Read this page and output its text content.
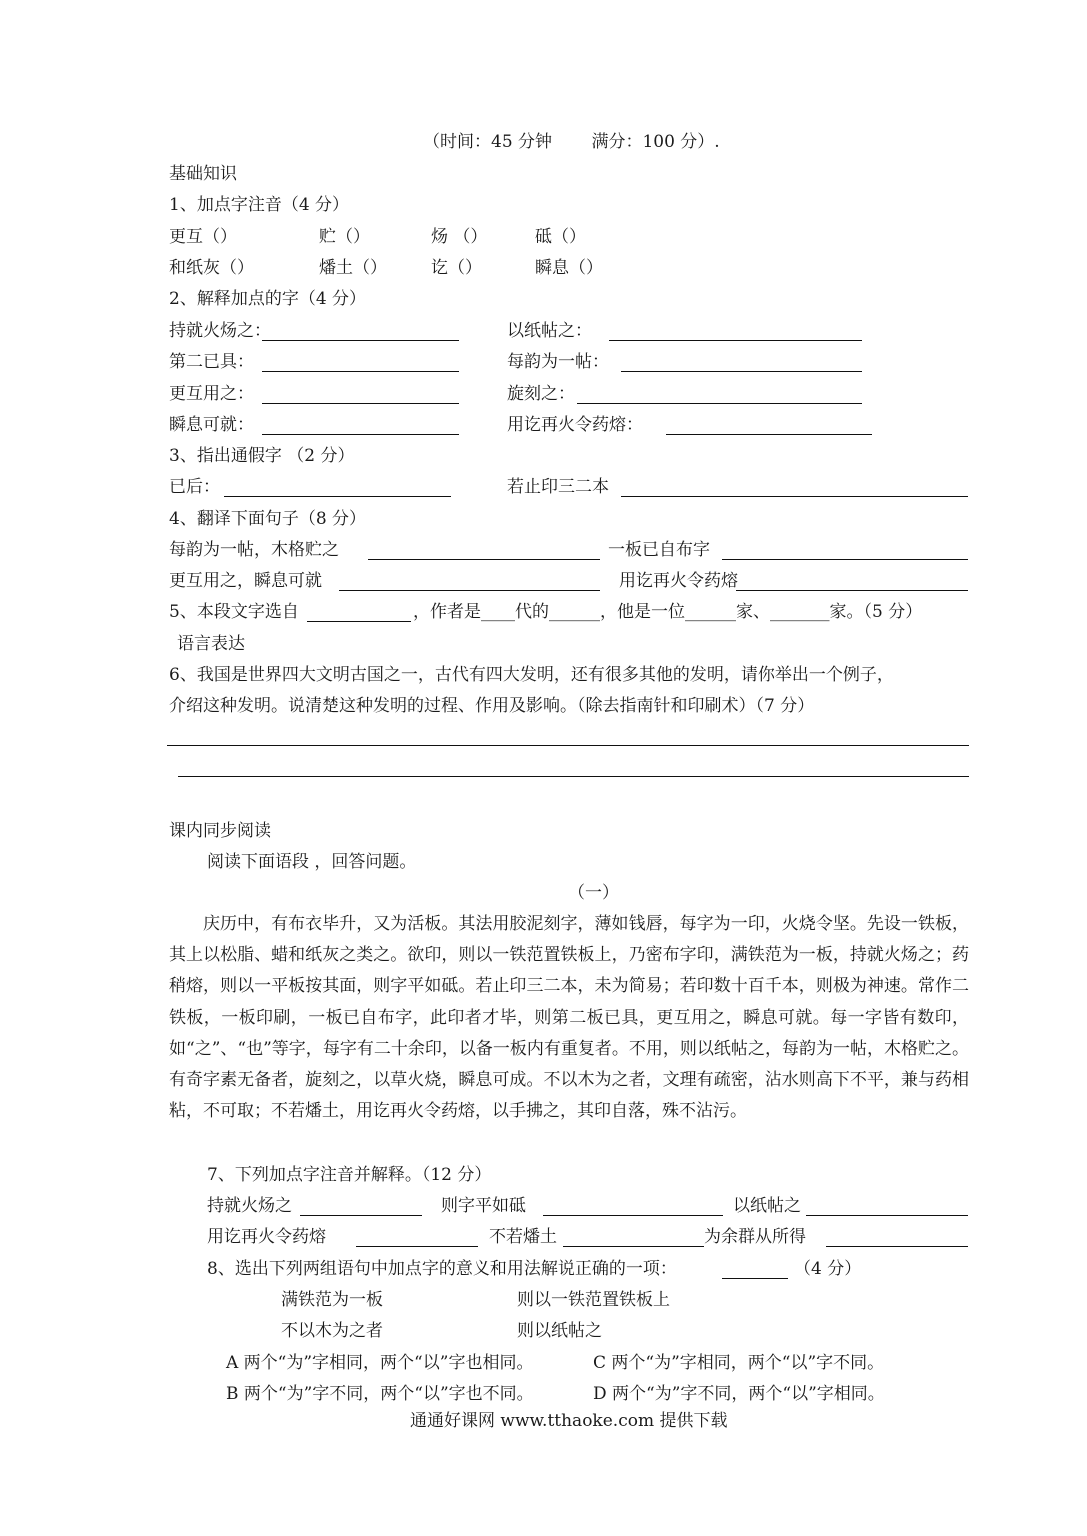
（时间：45 分钟　　 满分：100 分）.
基础知识
1、加点字注音（4 分）
更互（）	贮（）	炀 （）	砥（）
和纸灰（）	燔土（）	讫（）	瞬息（）
2、解释加点的字（4 分）
持就火炀之：	以纸帖之：
第二已具：	每韵为一帖：
更互用之：	旋刻之：
瞬息可就：	用讫再火令药熔：
3、指出通假字 （2 分）
已后：	若止印三二本
4、翻译下面句子（8 分）
每韵为一帖，木格贮之	一板已自布字
更互用之，瞬息可就	用讫再火令药熔
5、本段文字选自	，作者是____代的______，他是一位______家、_______家。（5 分）
语言表达
6、我国是世界四大文明古国之一，古代有四大发明，还有很多其他的发明，请你举出一个例子，
介绍这种发明。说清楚这种发明的过程、作用及影响。（除去指南针和印刷术）（7 分）
课内同步阅读
阅读下面语段 ，回答问题。
（一）

庆历中，有布衣毕升，又为活板。其法用胶泥刻字，薄如钱唇，每字为一印，火烧令坚。先设一铁板，其上以松脂、蜡和纸灰之类之。欲印，则以一铁范置铁板上，乃密布字印，满铁范为一板，持就火炀之；药稍熔，则以一平板按其面，则字平如砥。若止印三二本，未为简易；若印数十百千本，则极为神速。常作二铁板，一板印刷，一板已自布字，此印者才毕，则第二板已具，更互用之，瞬息可就。每一字皆有数印，如“之”、“也”等字，每字有二十余印，以备一板内有重复者。不用，则以纸帖之，每韵为一帖，木格贮之。有奇字素无备者，旋刻之，以草火烧，瞬息可成。不以木为之者，文理有疏密，沾水则高下不平，兼与药相粘，不可取；不若燔土，用讫再火令药熔，以手拂之，其印自落，殊不沾污。

7、下列加点字注音并解释。（12 分）
持就火炀之	则字平如砥	以纸帖之
用讫再火令药熔	不若燔土	为余群从所得
8、选出下列两组语句中加点字的意义和用法解说正确的一项：	（4 分）
满铁范为一板	则以一铁范置铁板上
不以木为之者	则以纸帖之
A 两个“为”字相同，两个“以”字也相同。	C 两个“为”字相同，两个“以”字不同。
B 两个“为”字不同，两个“以”字也不同。	D 两个“为”字不同，两个“以”字相同。
通通好课网 www.tthaoke.com 提供下载
